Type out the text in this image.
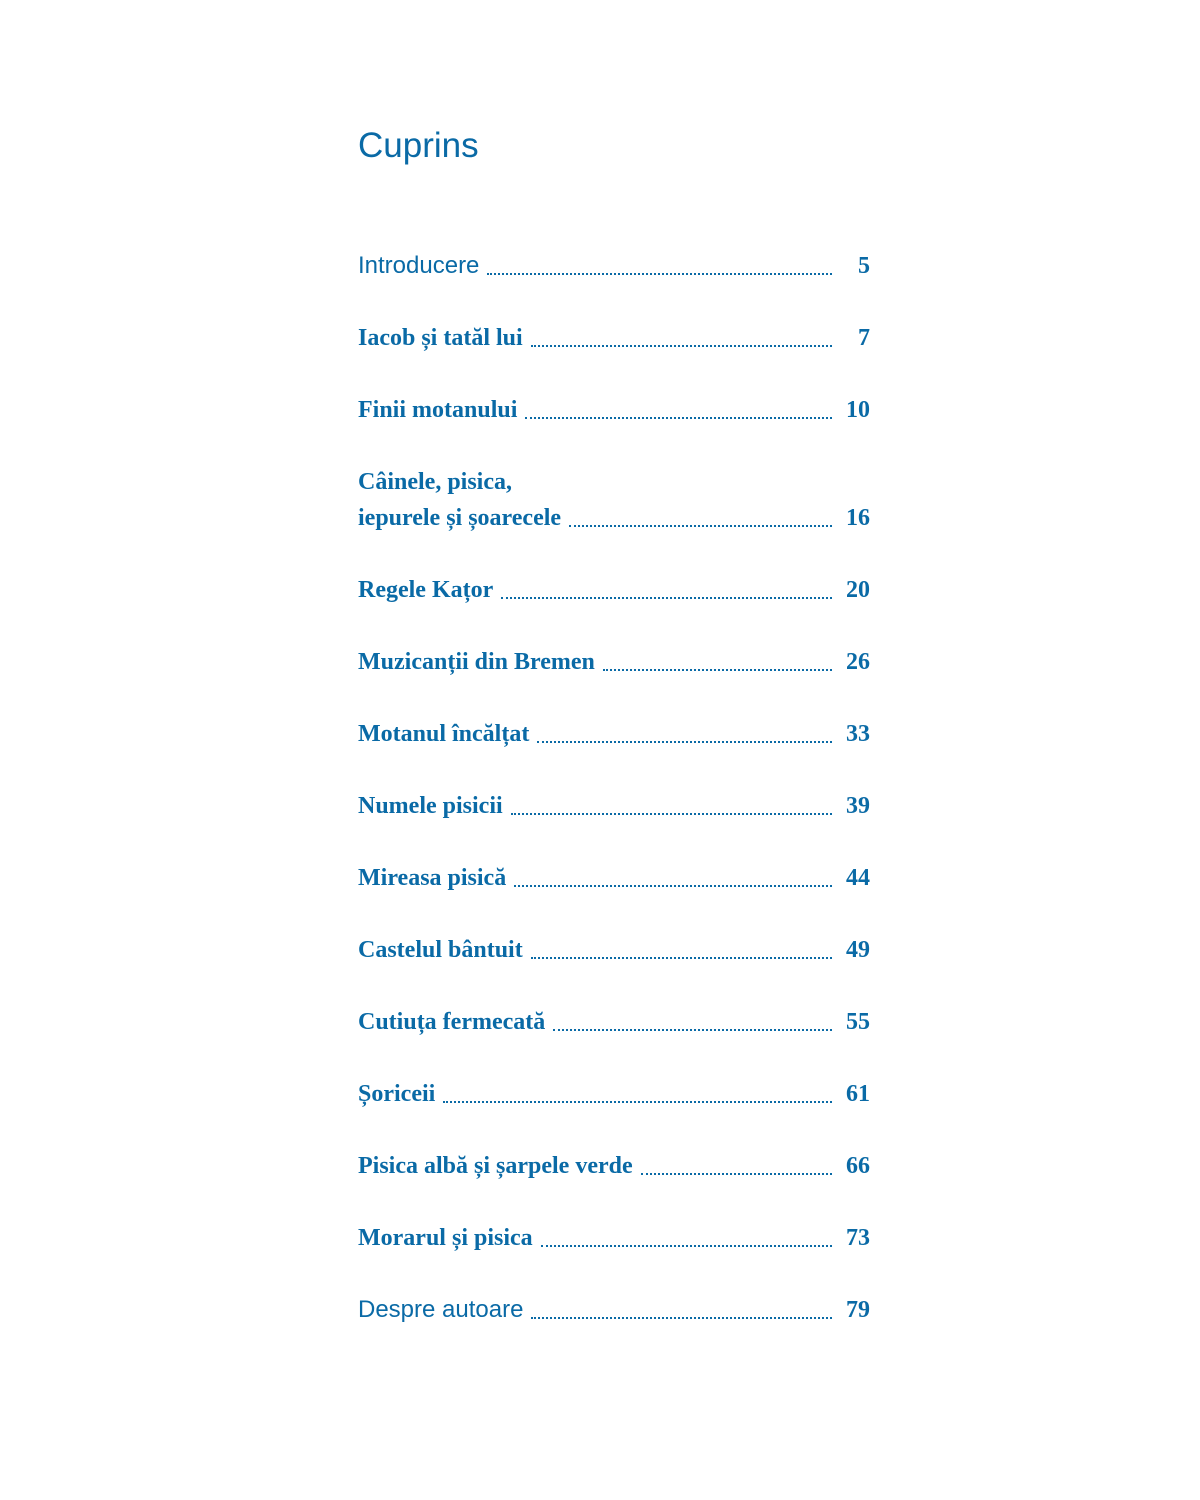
Cuprins
Introducere	5
Iacob și tatăl lui	7
Finii motanului	10
Câinele, pisica,
iepurele și șoarecele	16
Regele Kațor	20
Muzicanții din Bremen	26
Motanul încălțat	33
Numele pisicii	39
Mireasa pisică	44
Castelul bântuit	49
Cutiuța fermecată	55
Șoriceii	61
Pisica albă și șarpele verde	66
Morarul și pisica	73
Despre autoare	79
